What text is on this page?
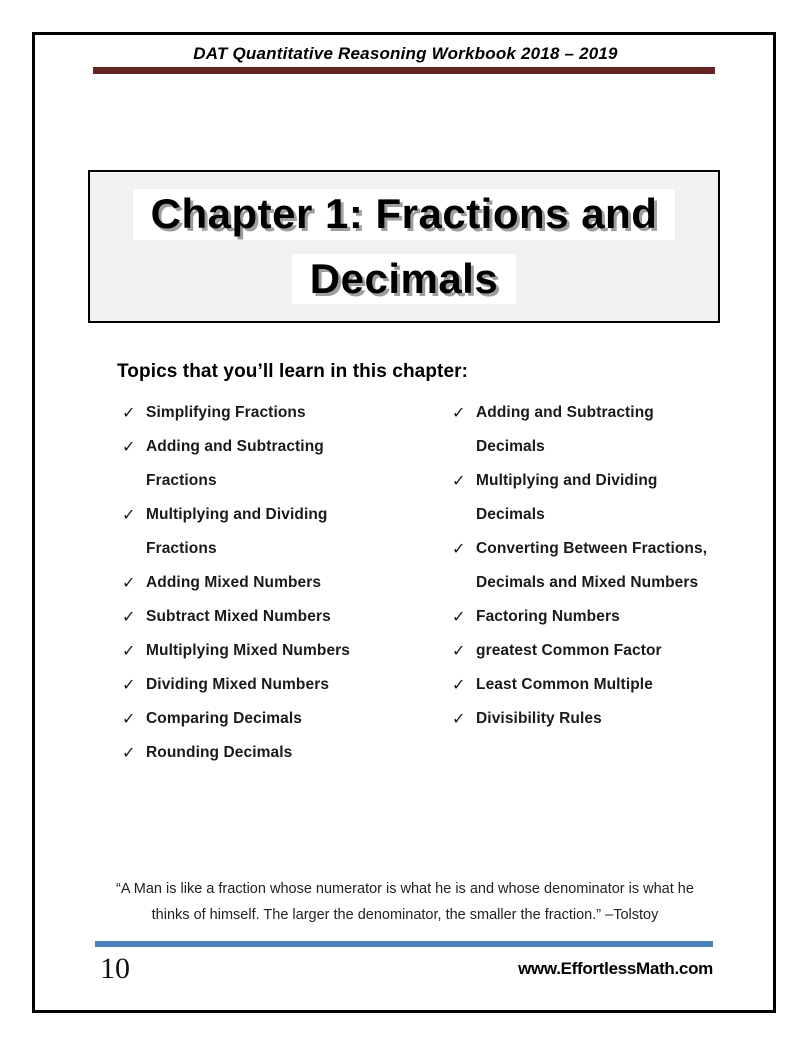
DAT Quantitative Reasoning Workbook 2018 – 2019
Chapter 1: Fractions and
Decimals
Topics that you’ll learn in this chapter:
✓ Simplifying Fractions
✓ Adding and Subtracting
Fractions
✓ Multiplying and Dividing
Fractions
✓ Adding Mixed Numbers
✓ Subtract Mixed Numbers
✓ Multiplying Mixed Numbers
✓ Dividing Mixed Numbers
✓ Comparing Decimals
✓ Rounding Decimals
✓ Adding and Subtracting
Decimals
✓ Multiplying and Dividing
Decimals
✓ Converting Between Fractions,
Decimals and Mixed Numbers
✓ Factoring Numbers
✓ greatest Common Factor
✓ Least Common Multiple
✓ Divisibility Rules
“A Man is like a fraction whose numerator is what he is and whose denominator is what he
thinks of himself. The larger the denominator, the smaller the fraction.” –Tolstoy
10	www.EffortlessMath.com
